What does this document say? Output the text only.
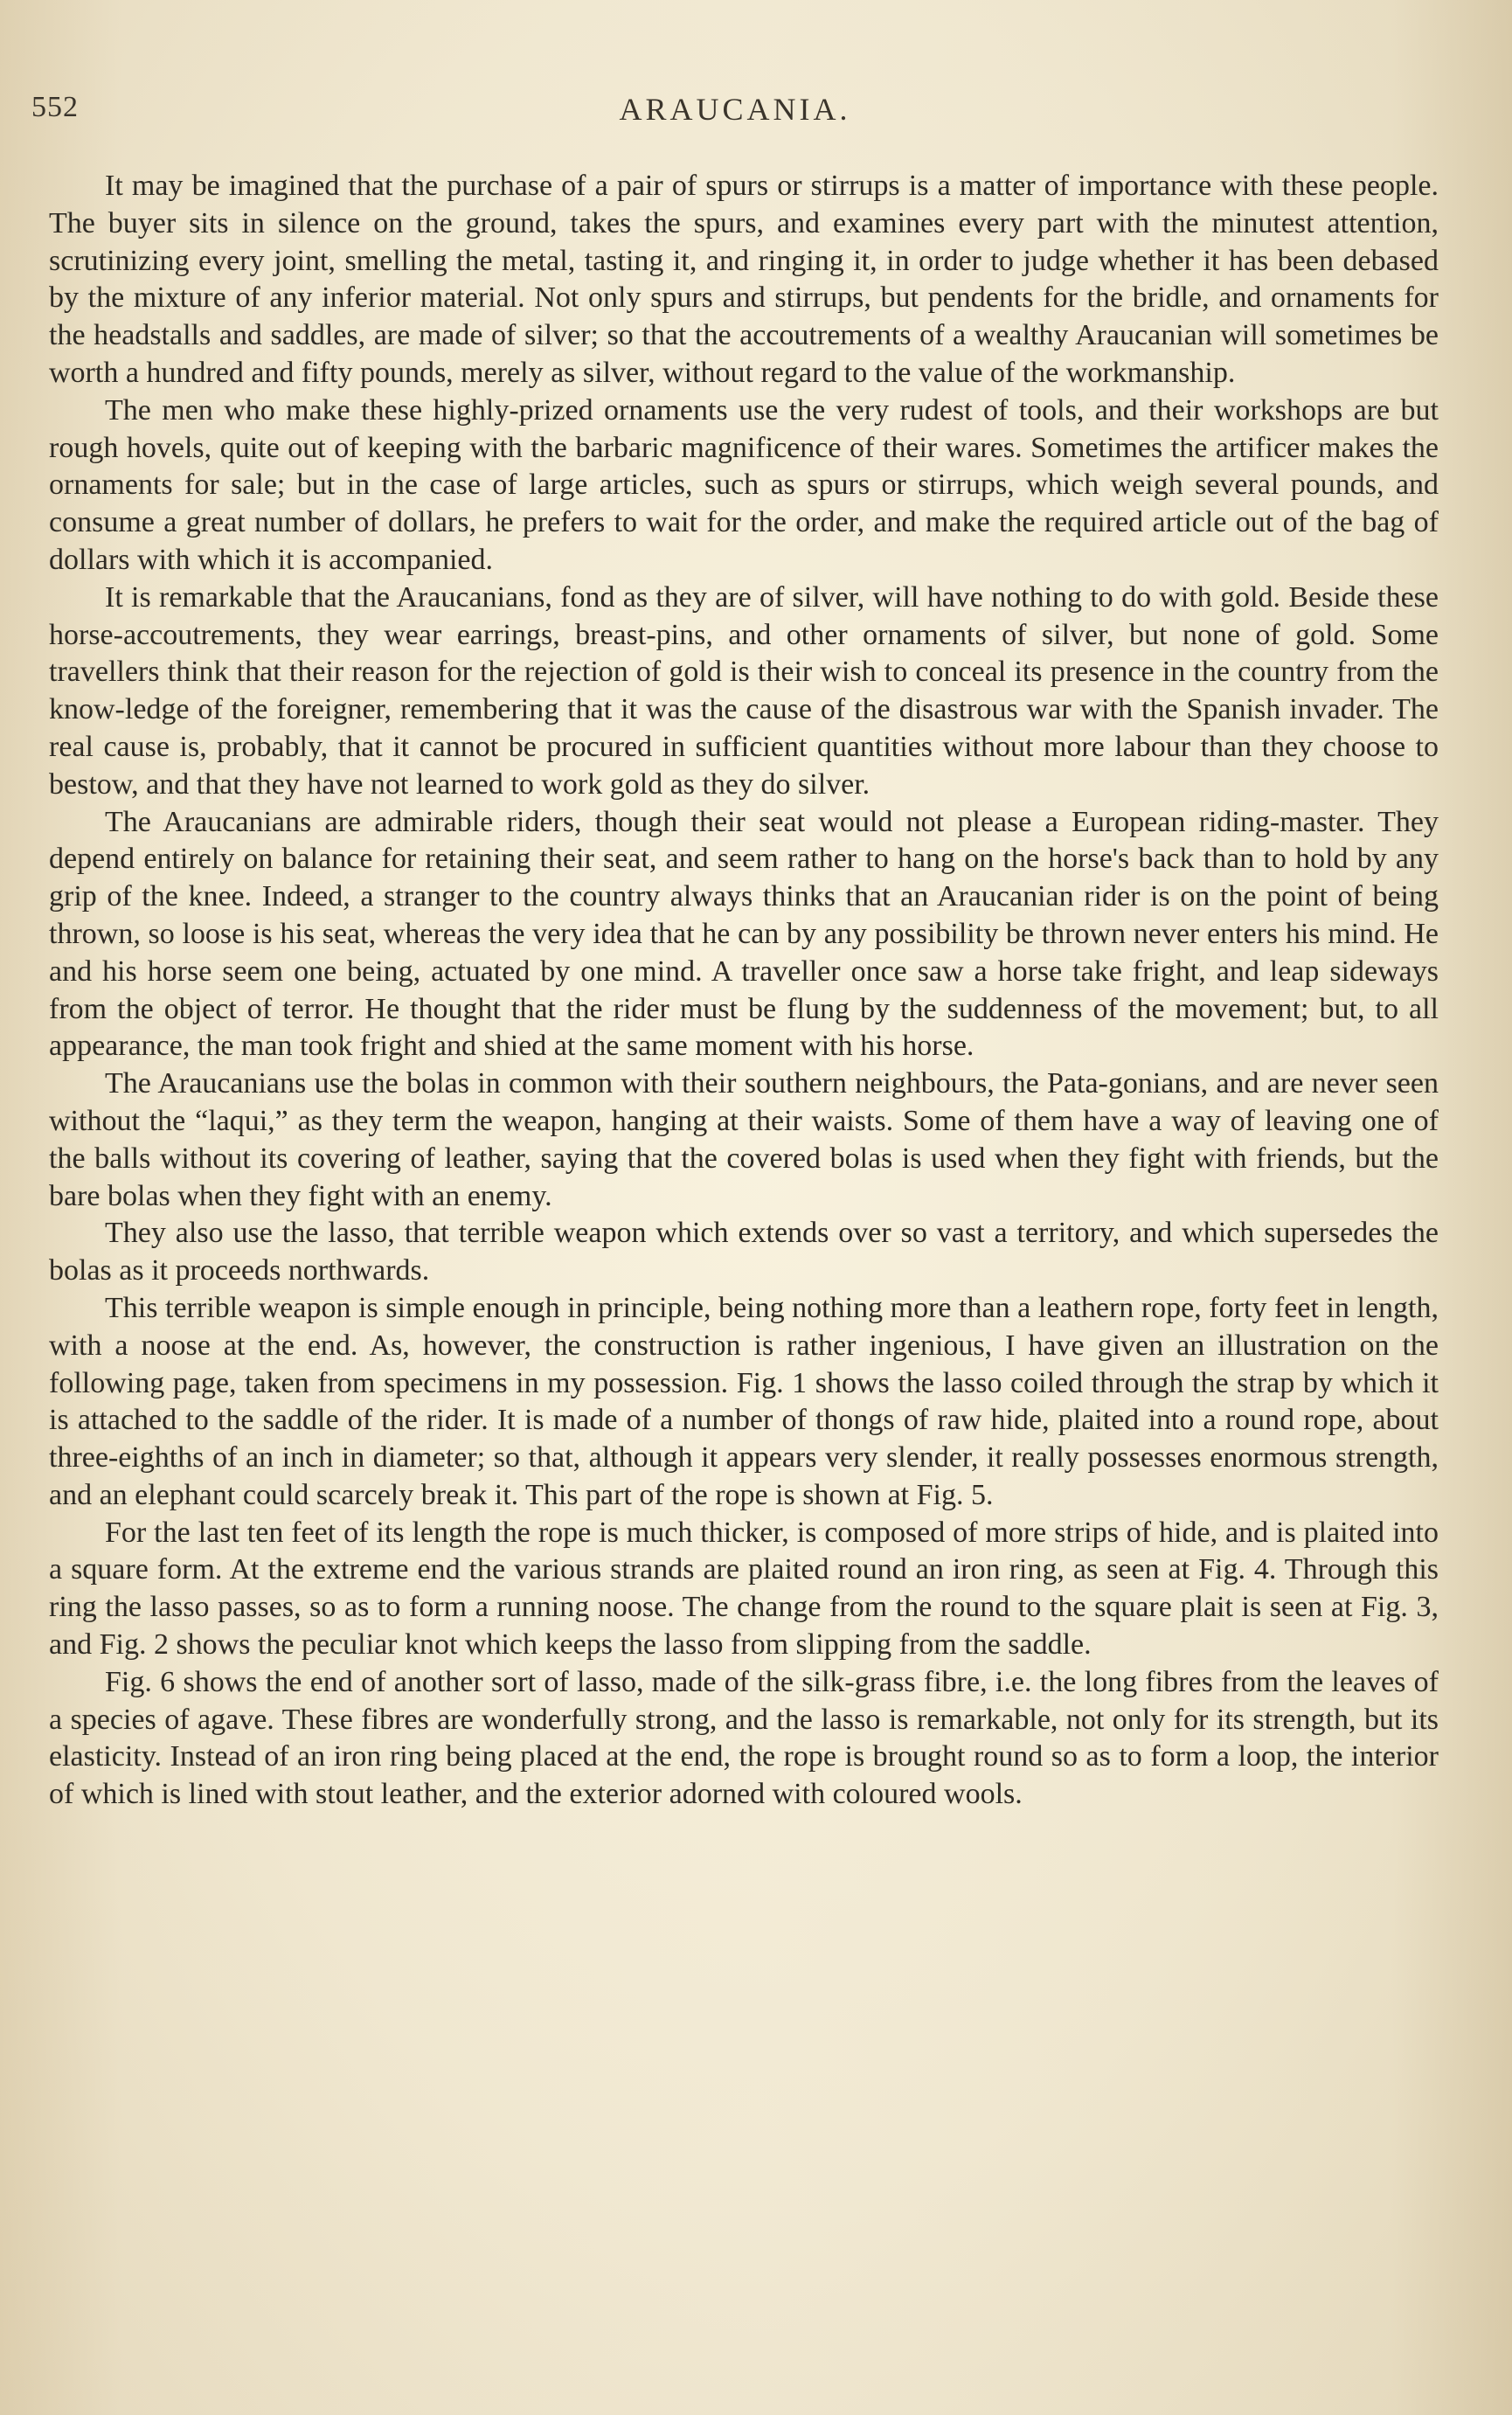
552	ARAUCANIA.

It may be imagined that the purchase of a pair of spurs or stirrups is a matter of importance with these people. The buyer sits in silence on the ground, takes the spurs, and examines every part with the minutest attention, scrutinizing every joint, smelling the metal, tasting it, and ringing it, in order to judge whether it has been debased by the mixture of any inferior material. Not only spurs and stirrups, but pendents for the bridle, and ornaments for the headstalls and saddles, are made of silver; so that the accoutrements of a wealthy Araucanian will sometimes be worth a hundred and fifty pounds, merely as silver, without regard to the value of the workmanship.

The men who make these highly-prized ornaments use the very rudest of tools, and their workshops are but rough hovels, quite out of keeping with the barbaric magnificence of their wares. Sometimes the artificer makes the ornaments for sale; but in the case of large articles, such as spurs or stirrups, which weigh several pounds, and consume a great number of dollars, he prefers to wait for the order, and make the required article out of the bag of dollars with which it is accompanied.

It is remarkable that the Araucanians, fond as they are of silver, will have nothing to do with gold. Beside these horse-accoutrements, they wear earrings, breast-pins, and other ornaments of silver, but none of gold. Some travellers think that their reason for the rejection of gold is their wish to conceal its presence in the country from the know-ledge of the foreigner, remembering that it was the cause of the disastrous war with the Spanish invader. The real cause is, probably, that it cannot be procured in sufficient quantities without more labour than they choose to bestow, and that they have not learned to work gold as they do silver.

The Araucanians are admirable riders, though their seat would not please a European riding-master. They depend entirely on balance for retaining their seat, and seem rather to hang on the horse's back than to hold by any grip of the knee. Indeed, a stranger to the country always thinks that an Araucanian rider is on the point of being thrown, so loose is his seat, whereas the very idea that he can by any possibility be thrown never enters his mind. He and his horse seem one being, actuated by one mind. A traveller once saw a horse take fright, and leap sideways from the object of terror. He thought that the rider must be flung by the suddenness of the movement; but, to all appearance, the man took fright and shied at the same moment with his horse.

The Araucanians use the bolas in common with their southern neighbours, the Pata-gonians, and are never seen without the “laqui,” as they term the weapon, hanging at their waists. Some of them have a way of leaving one of the balls without its covering of leather, saying that the covered bolas is used when they fight with friends, but the bare bolas when they fight with an enemy.

They also use the lasso, that terrible weapon which extends over so vast a territory, and which supersedes the bolas as it proceeds northwards.

This terrible weapon is simple enough in principle, being nothing more than a leathern rope, forty feet in length, with a noose at the end. As, however, the construction is rather ingenious, I have given an illustration on the following page, taken from specimens in my possession. Fig. 1 shows the lasso coiled through the strap by which it is attached to the saddle of the rider. It is made of a number of thongs of raw hide, plaited into a round rope, about three-eighths of an inch in diameter; so that, although it appears very slender, it really possesses enormous strength, and an elephant could scarcely break it. This part of the rope is shown at Fig. 5.

For the last ten feet of its length the rope is much thicker, is composed of more strips of hide, and is plaited into a square form. At the extreme end the various strands are plaited round an iron ring, as seen at Fig. 4. Through this ring the lasso passes, so as to form a running noose. The change from the round to the square plait is seen at Fig. 3, and Fig. 2 shows the peculiar knot which keeps the lasso from slipping from the saddle.

Fig. 6 shows the end of another sort of lasso, made of the silk-grass fibre, i.e. the long fibres from the leaves of a species of agave. These fibres are wonderfully strong, and the lasso is remarkable, not only for its strength, but its elasticity. Instead of an iron ring being placed at the end, the rope is brought round so as to form a loop, the interior of which is lined with stout leather, and the exterior adorned with coloured wools.
